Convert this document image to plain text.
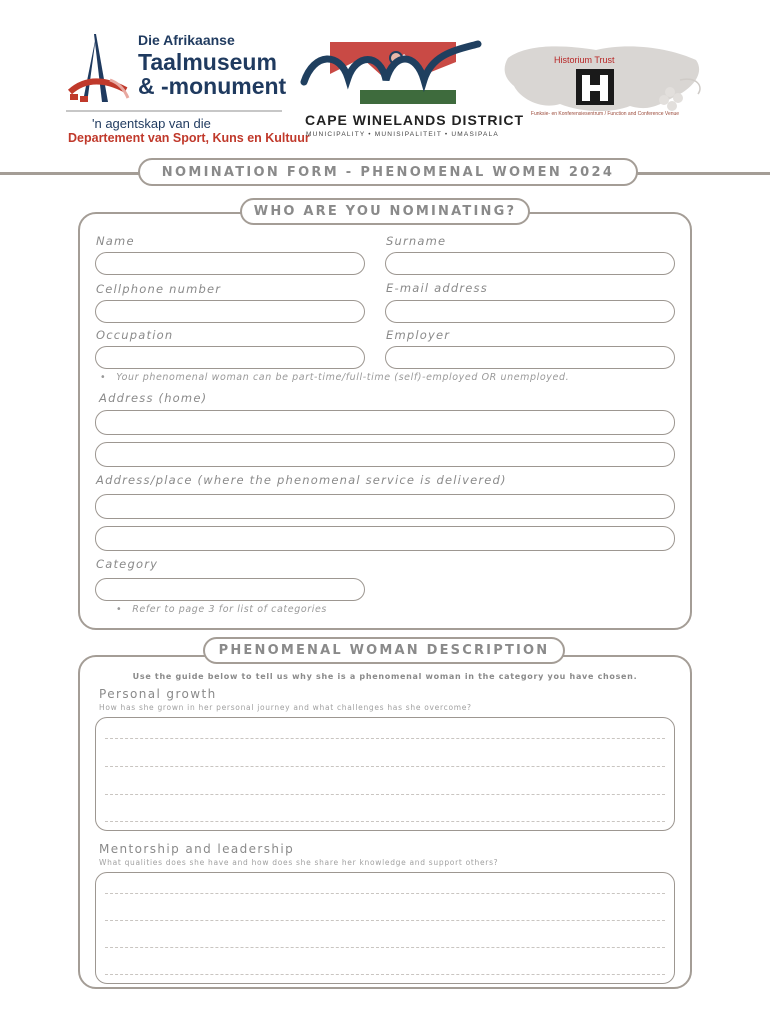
Die Afrikaanse
Taalmuseum
& -monument
'n agentskap van die
Departement van Sport, Kuns en Kultuur
CAPE WINELANDS DISTRICT
MUNICIPALITY • MUNISIPALITEIT • UMASIPALA
Historium Trust
Funksie- en Konferensiesentrum / Function and Conference Venue
NOMINATION FORM - PHENOMENAL WOMEN 2024
WHO ARE YOU NOMINATING?
Name	Surname
Cellphone number	E-mail address
Occupation	Employer
• Your phenomenal woman can be part-time/full-time (self)-employed OR unemployed.
Address (home)
Address/place (where the phenomenal service is delivered)
Category
• Refer to page 3 for list of categories
PHENOMENAL WOMAN DESCRIPTION
Use the guide below to tell us why she is a phenomenal woman in the category you have chosen.
Personal growth
How has she grown in her personal journey and what challenges has she overcome?
Mentorship and leadership
What qualities does she have and how does she share her knowledge and support others?
